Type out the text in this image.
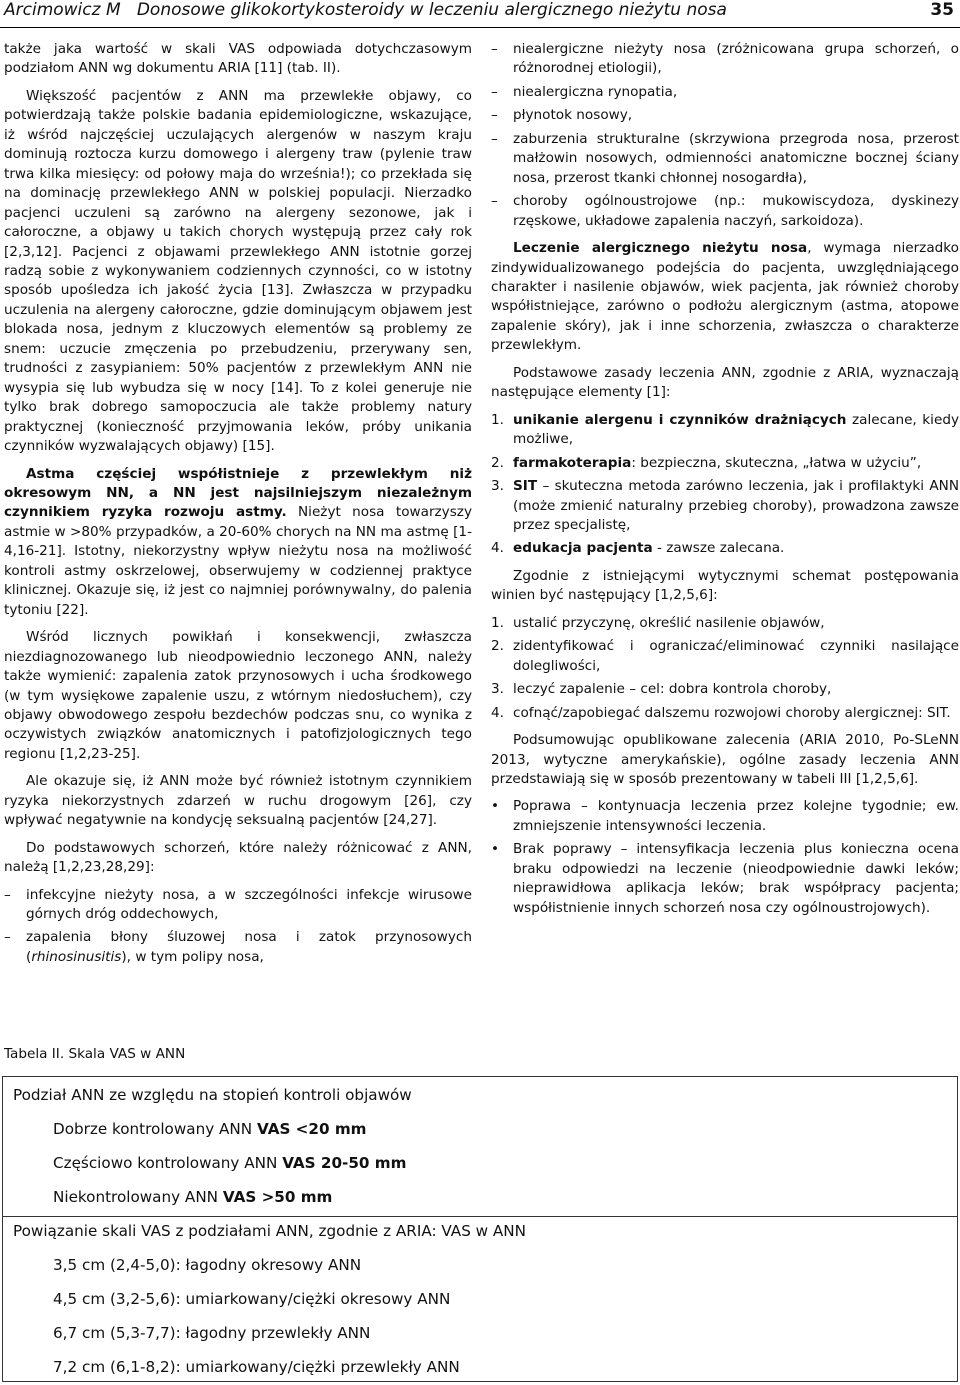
Arcimowicz M Donosowe glikokortykosteroidy w leczeniu alergicznego nieżytu nosa	35

także jaka wartość w skali VAS odpowiada dotychczasowym podziałom ANN wg dokumentu ARIA [11] (tab. II).

Większość pacjentów z ANN ma przewlekłe objawy, co potwierdzają także polskie badania epidemiologiczne, wskazujące, iż wśród najczęściej uczulających alergenów w naszym kraju dominują roztocza kurzu domowego i alergeny traw (pylenie traw trwa kilka miesięcy: od połowy maja do września!); co przekłada się na dominację przewlekłego ANN w polskiej populacji. Nierzadko pacjenci uczuleni są zarówno na alergeny sezonowe, jak i całoroczne, a objawy u takich chorych występują przez cały rok [2,3,12]. Pacjenci z objawami przewlekłego ANN istotnie gorzej radzą sobie z wykonywaniem codziennych czynności, co w istotny sposób upośledza ich jakość życia [13]. Zwłaszcza w przypadku uczulenia na alergeny całoroczne, gdzie dominującym objawem jest blokada nosa, jednym z kluczowych elementów są problemy ze snem: uczucie zmęczenia po przebudzeniu, przerywany sen, trudności z zasypianiem: 50% pacjentów z przewlekłym ANN nie wysypia się lub wybudza się w nocy [14]. To z kolei generuje nie tylko brak dobrego samopoczucia ale także problemy natury praktycznej (konieczność przyjmowania leków, próby unikania czynników wyzwalających objawy) [15].

Astma częściej współistnieje z przewlekłym niż okresowym NN, a NN jest najsilniejszym niezależnym czynnikiem ryzyka rozwoju astmy. Nieżyt nosa towarzyszy astmie w >80% przypadków, a 20-60% chorych na NN ma astmę [1-4,16-21]. Istotny, niekorzystny wpływ nieżytu nosa na możliwość kontroli astmy oskrzelowej, obserwujemy w codziennej praktyce klinicznej. Okazuje się, iż jest co najmniej porównywalny, do palenia tytoniu [22].

Wśród licznych powikłań i konsekwencji, zwłaszcza niezdiagnozowanego lub nieodpowiednio leczonego ANN, należy także wymienić: zapalenia zatok przynosowych i ucha środkowego (w tym wysiękowe zapalenie uszu, z wtórnym niedosłuchem), czy objawy obwodowego zespołu bezdechów podczas snu, co wynika z oczywistych związków anatomicznych i patofizjologicznych tego regionu [1,2,23-25].

Ale okazuje się, iż ANN może być również istotnym czynnikiem ryzyka niekorzystnych zdarzeń w ruchu drogowym [26], czy wpływać negatywnie na kondycję seksualną pacjentów [24,27].

Do podstawowych schorzeń, które należy różnicować z ANN, należą [1,2,23,28,29]:

– infekcyjne nieżyty nosa, a w szczególności infekcje wirusowe górnych dróg oddechowych,
– zapalenia błony śluzowej nosa i zatok przynosowych (rhinosinusitis), w tym polipy nosa,
– niealergiczne nieżyty nosa (zróżnicowana grupa schorzeń, o różnorodnej etiologii),
– niealergiczna rynopatia,
– płynotok nosowy,
– zaburzenia strukturalne (skrzywiona przegroda nosa, przerost małżowin nosowych, odmienności anatomiczne bocznej ściany nosa, przerost tkanki chłonnej nosogardła),
– choroby ogólnoustrojowe (np.: mukowiscydoza, dyskinezy rzęskowe, układowe zapalenia naczyń, sarkoidoza).

Leczenie alergicznego nieżytu nosa, wymaga nierzadko zindywidualizowanego podejścia do pacjenta, uwzględniającego charakter i nasilenie objawów, wiek pacjenta, jak również choroby współistniejące, zarówno o podłożu alergicznym (astma, atopowe zapalenie skóry), jak i inne schorzenia, zwłaszcza o charakterze przewlekłym.

Podstawowe zasady leczenia ANN, zgodnie z ARIA, wyznaczają następujące elementy [1]:

1. unikanie alergenu i czynników drażniących zalecane, kiedy możliwe,
2. farmakoterapia: bezpieczna, skuteczna, „łatwa w użyciu”,
3. SIT – skuteczna metoda zarówno leczenia, jak i profilaktyki ANN (może zmienić naturalny przebieg choroby), prowadzona zawsze przez specjalistę,
4. edukacja pacjenta - zawsze zalecana.

Zgodnie z istniejącymi wytycznymi schemat postępowania winien być następujący [1,2,5,6]:

1. ustalić przyczynę, określić nasilenie objawów,
2. zidentyfikować i ograniczać/eliminować czynniki nasilające dolegliwości,
3. leczyć zapalenie – cel: dobra kontrola choroby,
4. cofnąć/zapobiegać dalszemu rozwojowi choroby alergicznej: SIT.

Podsumowując opublikowane zalecenia (ARIA 2010, Po-SLeNN 2013, wytyczne amerykańskie), ogólne zasady leczenia ANN przedstawiają się w sposób prezentowany w tabeli III [1,2,5,6].

• Poprawa – kontynuacja leczenia przez kolejne tygodnie; ew. zmniejszenie intensywności leczenia.
• Brak poprawy – intensyfikacja leczenia plus konieczna ocena braku odpowiedzi na leczenie (nieodpowiednie dawki leków; nieprawidłowa aplikacja leków; brak współpracy pacjenta; współistnienie innych schorzeń nosa czy ogólnoustrojowych).
Tabela II. Skala VAS w ANN
Podział ANN ze względu na stopień kontroli objawów
Dobrze kontrolowany ANN VAS <20 mm
Częściowo kontrolowany ANN VAS 20-50 mm
Niekontrolowany ANN VAS >50 mm
Powiązanie skali VAS z podziałami ANN, zgodnie z ARIA: VAS w ANN
3,5 cm (2,4-5,0): łagodny okresowy ANN
4,5 cm (3,2-5,6): umiarkowany/ciężki okresowy ANN
6,7 cm (5,3-7,7): łagodny przewlekły ANN
7,2 cm (6,1-8,2): umiarkowany/ciężki przewlekły ANN
